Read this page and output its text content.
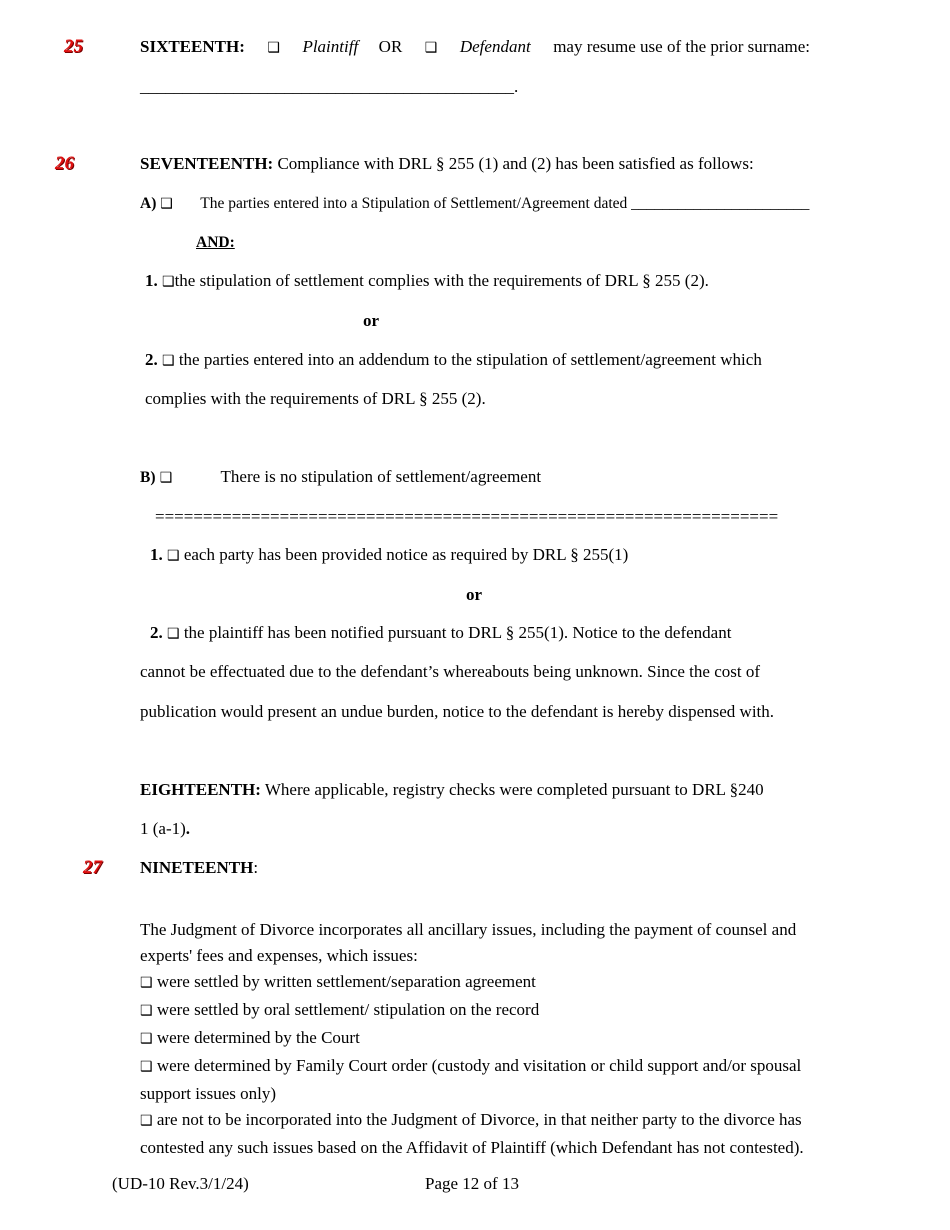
25
26
27
SIXTEENTH: ❑ Plaintiff OR ❑ Defendant may resume use of the prior surname:
____________________________________________.
SEVENTEENTH: Compliance with DRL § 255 (1) and (2) has been satisfied as follows:
A) ❑ The parties entered into a Stipulation of Settlement/Agreement dated _______________________
AND:
1. ❑the stipulation of settlement complies with the requirements of DRL § 255 (2).
or
2. ❑ the parties entered into an addendum to the stipulation of settlement/agreement which
complies with the requirements of DRL § 255 (2).
B) ❑	There is no stipulation of settlement/agreement
=================================================================
1. ❑ each party has been provided notice as required by DRL § 255(1)
or
2. ❑ the plaintiff has been notified pursuant to DRL § 255(1). Notice to the defendant
cannot be effectuated due to the defendant’s whereabouts being unknown. Since the cost of
publication would present an undue burden, notice to the defendant is hereby dispensed with.
EIGHTEENTH: Where applicable, registry checks were completed pursuant to DRL §240
1 (a-1).
NINETEENTH:
The Judgment of Divorce incorporates all ancillary issues, including the payment of counsel and
experts' fees and expenses, which issues:
❑ were settled by written settlement/separation agreement
❑ were settled by oral settlement/ stipulation on the record
❑ were determined by the Court
❑ were determined by Family Court order (custody and visitation or child support and/or spousal
support issues only)
❑ are not to be incorporated into the Judgment of Divorce, in that neither party to the divorce has
contested any such issues based on the Affidavit of Plaintiff (which Defendant has not contested).
(UD-10 Rev.3/1/24)	Page 12 of 13
